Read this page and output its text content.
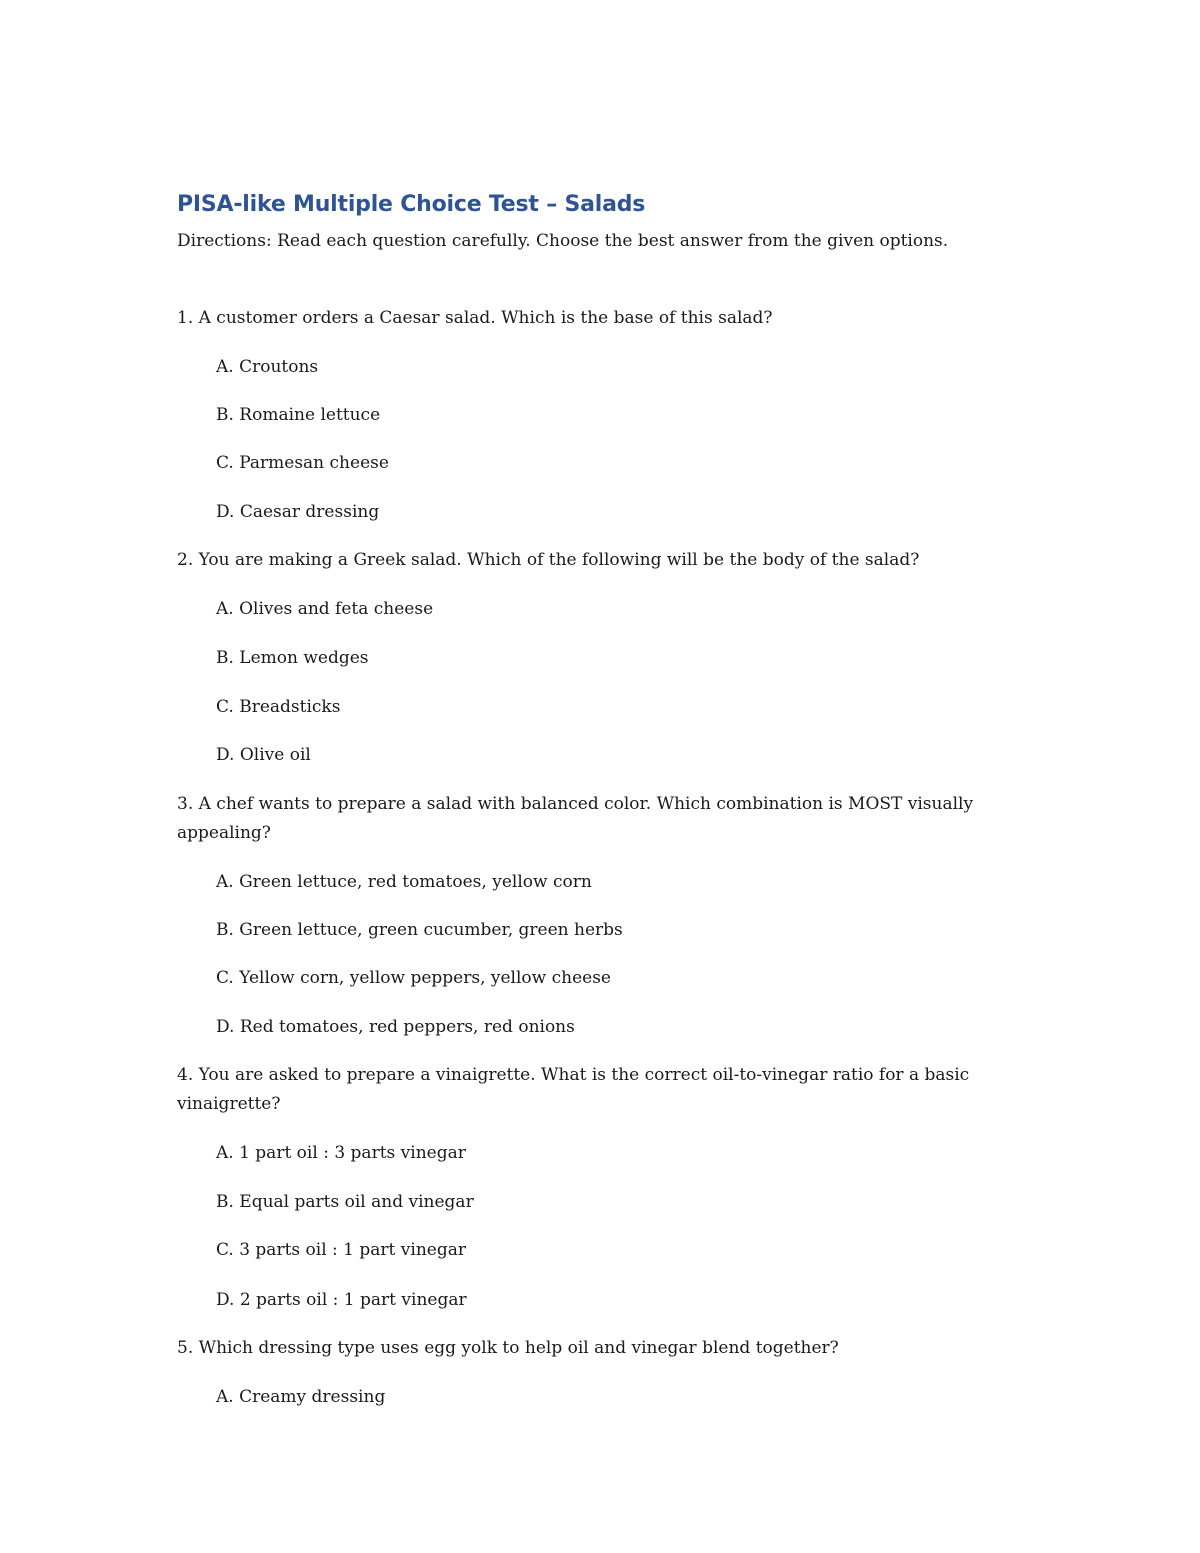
PISA-like Multiple Choice Test – Salads

Directions: Read each question carefully. Choose the best answer from the given options.

1. A customer orders a Caesar salad. Which is the base of this salad?

A. Croutons

B. Romaine lettuce

C. Parmesan cheese

D. Caesar dressing

2. You are making a Greek salad. Which of the following will be the body of the salad?

A. Olives and feta cheese

B. Lemon wedges

C. Breadsticks

D. Olive oil

3. A chef wants to prepare a salad with balanced color. Which combination is MOST visually appealing?

A. Green lettuce, red tomatoes, yellow corn

B. Green lettuce, green cucumber, green herbs

C. Yellow corn, yellow peppers, yellow cheese

D. Red tomatoes, red peppers, red onions

4. You are asked to prepare a vinaigrette. What is the correct oil-to-vinegar ratio for a basic vinaigrette?

A. 1 part oil : 3 parts vinegar

B. Equal parts oil and vinegar

C. 3 parts oil : 1 part vinegar

D. 2 parts oil : 1 part vinegar

5. Which dressing type uses egg yolk to help oil and vinegar blend together?

A. Creamy dressing
